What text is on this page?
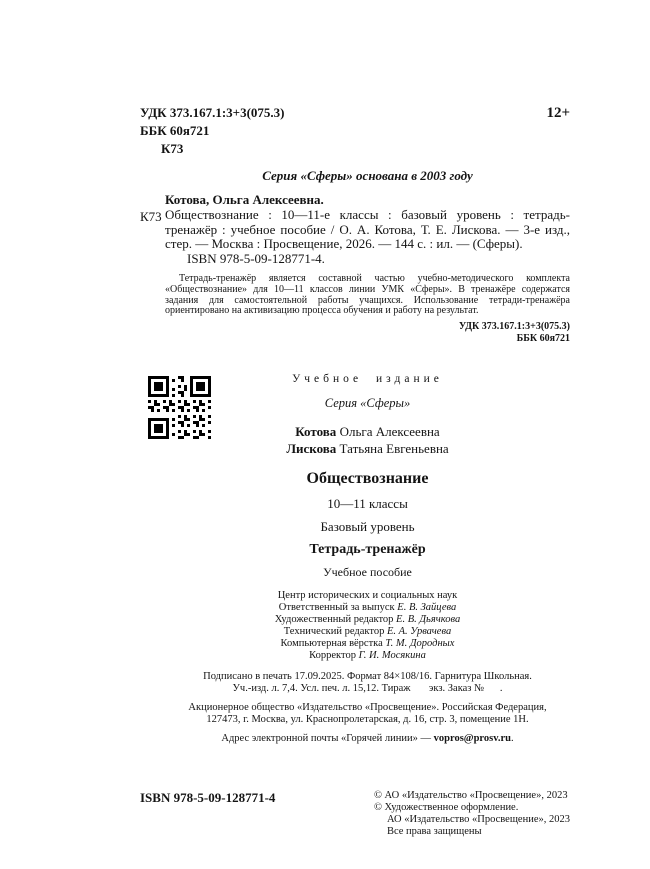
УДК 373.167.1:3+3(075.3)
ББК 60я721
К73
12+
Серия «Сферы» основана в 2003 году
Котова, Ольга Алексеевна.
К73 Обществознание : 10—11-е классы : базовый уровень : тетрадь-тренажёр : учебное пособие / О. А. Котова, Т. Е. Лискова. — 3-е изд., стер. — Москва : Просвещение, 2026. — 144 с. : ил. — (Сферы).

ISBN 978-5-09-128771-4.

Тетрадь-тренажёр является составной частью учебно-методического комплекта «Обществознание» для 10—11 классов линии УМК «Сферы». В тренажёре содержатся задания для самостоятельной работы учащихся. Использование тетради-тренажёра ориентировано на активизацию процесса обучения и работу на результат.

УДК 373.167.1:3+3(075.3)
ББК 60я721
Учебное издание
Серия «Сферы»
Котова Ольга Алексеевна
Лискова Татьяна Евгеньевна
Обществознание
10—11 классы
Базовый уровень
Тетрадь-тренажёр
Учебное пособие
Центр исторических и социальных наук
Ответственный за выпуск Е. В. Зайцева
Художественный редактор Е. В. Дьячкова
Технический редактор Е. А. Урвачева
Компьютерная вёрстка Т. М. Дородных
Корректор Г. И. Мосякина
Подписано в печать 17.09.2025. Формат 84×108/16. Гарнитура Школьная.
Уч.-изд. л. 7,4. Усл. печ. л. 15,12. Тираж       экз. Заказ №      .
Акционерное общество «Издательство «Просвещение». Российская Федерация,
127473, г. Москва, ул. Краснопролетарская, д. 16, стр. 3, помещение 1Н.
Адрес электронной почты «Горячей линии» — vopros@prosv.ru.
ISBN 978-5-09-128771-4	© АО «Издательство «Просвещение», 2023
© Художественное оформление.
АО «Издательство «Просвещение», 2023
Все права защищены
